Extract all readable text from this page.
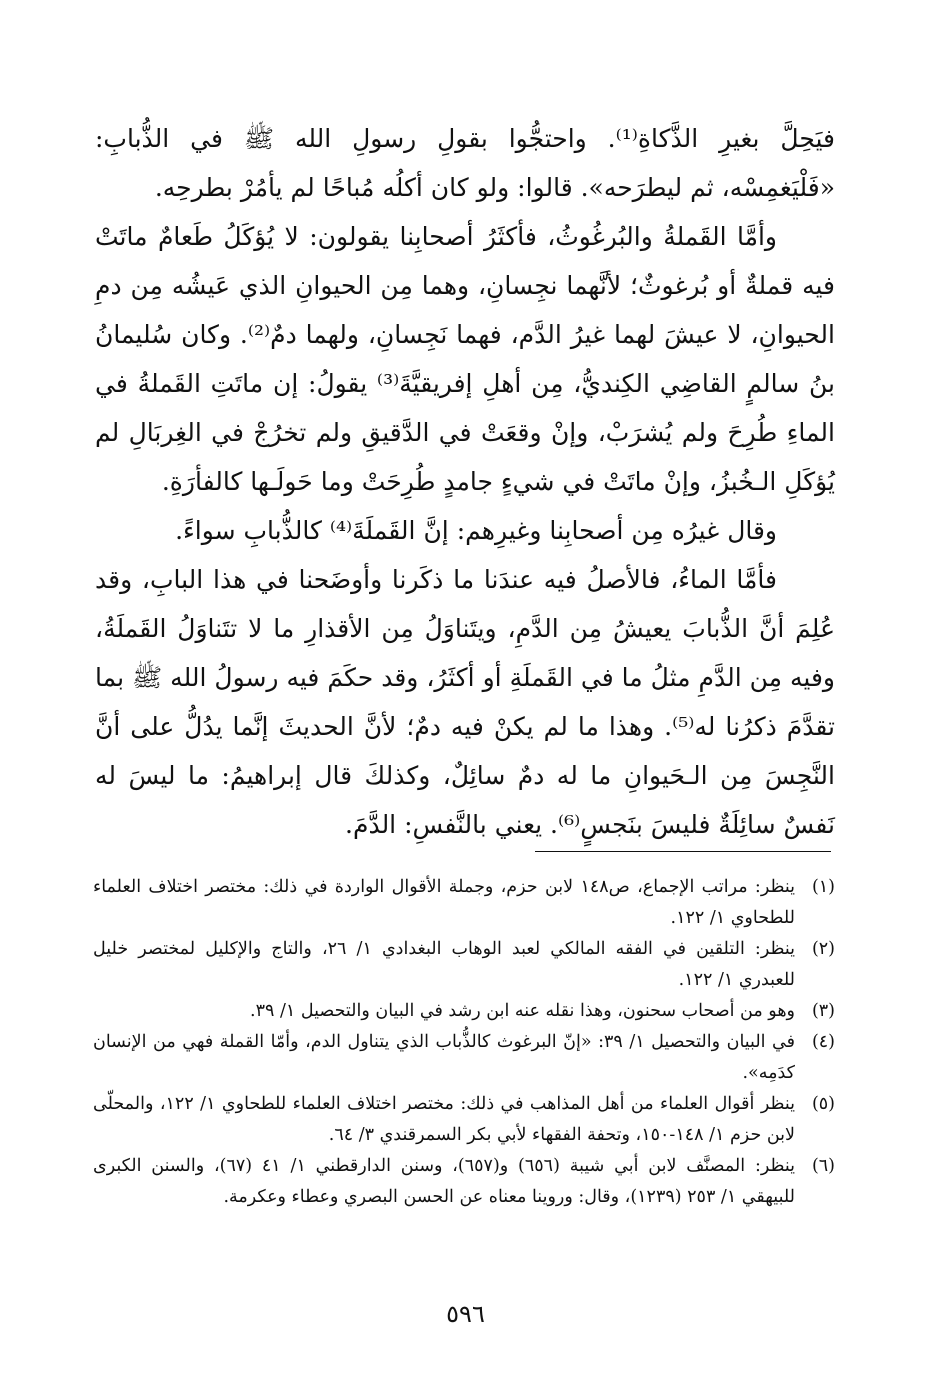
فيَحِلَّ بغيرِ الذَّكاةِ⁽¹⁾. واحتجُّوا بقولِ رسولِ الله ﷺ في الذُّبابِ: «فَلْيَغمِسْه، ثم ليطرَحه». قالوا: ولو كان أكلُه مُباحًا لم يأمُرْ بطرحِه.

وأمَّا القَملةُ والبُرغُوثُ، فأكثَرُ أصحابِنا يقولون: لا يُؤكَلُ طَعامٌ ماتَتْ فيه قملةٌ أو بُرغوثٌ؛ لأنَّهما نجِسانِ، وهما مِن الحيوانِ الذي عَيشُه مِن دمِ الحيوانِ، لا عيشَ لهما غيرُ الدَّم، فهما نَجِسانِ، ولهما دمٌ⁽²⁾. وكان سُليمانُ بنُ سالمٍ القاضِي الكِنديُّ، مِن أهلِ إفريقيَّةَ⁽³⁾ يقولُ: إن ماتَتِ القَملةُ في الماءِ طُرِحَ ولم يُشرَبْ، وإنْ وقعَتْ في الدَّقيقِ ولم تخرُجْ في الغِربَالِ لم يُؤكَلِ الـخُبزُ، وإنْ ماتَتْ في شيءٍ جامدٍ طُرِحَتْ وما حَولَـها كالفأرَةِ.

وقال غيرُه مِن أصحابِنا وغيرِهم: إنَّ القَملَةَ⁽⁴⁾ كالذُّبابِ سواءً.

فأمَّا الماءُ، فالأصلُ فيه عندَنا ما ذكَرنا وأوضَحنا في هذا البابِ، وقد عُلِمَ أنَّ الذُّبابَ يعيشُ مِن الدَّمِ، ويتَناوَلُ مِن الأقذارِ ما لا تتَناوَلُ القَملَةُ، وفيه مِن الدَّمِ مثلُ ما في القَملَةِ أو أكثَرُ، وقد حكَمَ فيه رسولُ الله ﷺ بما تقدَّمَ ذكرُنا له⁽⁵⁾. وهذا ما لم يكنْ فيه دمٌ؛ لأنَّ الحديثَ إنَّما يدُلُّ على أنَّ النَّجِسَ مِن الـحَيوانِ ما له دمٌ سائِلٌ، وكذلكَ قال إبراهيمُ: ما ليسَ له نَفسٌ سائِلَةٌ فليسَ بنَجسٍ⁽⁶⁾. يعني بالنَّفسِ: الدَّمَ.

(١)
ينظر: مراتب الإجماع، ص١٤٨ لابن حزم، وجملة الأقوال الواردة في ذلك: مختصر اختلاف العلماء للطحاوي ١/ ١٢٢.

(٢)
ينظر: التلقين في الفقه المالكي لعبد الوهاب البغدادي ١/ ٢٦، والتاج والإكليل لمختصر خليل للعبدري ١/ ١٢٢.

(٣)
وهو من أصحاب سحنون، وهذا نقله عنه ابن رشد في البيان والتحصيل ١/ ٣٩.

(٤)
في البيان والتحصيل ١/ ٣٩: «إنّ البرغوث كالذُّباب الذي يتناول الدم، وأمّا القملة فهي من الإنسان كدَمِه».

(٥)
ينظر أقوال العلماء من أهل المذاهب في ذلك: مختصر اختلاف العلماء للطحاوي ١/ ١٢٢، والمحلّى لابن حزم ١/ ١٤٨-١٥٠، وتحفة الفقهاء لأبي بكر السمرقندي ٣/ ٦٤.

(٦)
ينظر: المصنَّف لابن أبي شيبة (٦٥٦) و(٦٥٧)، وسنن الدارقطني ١/ ٤١ (٦٧)، والسنن الكبرى للبيهقي ١/ ٢٥٣ (١٢٣٩)، وقال: وروينا معناه عن الحسن البصري وعطاء وعكرمة.

٥٩٦
